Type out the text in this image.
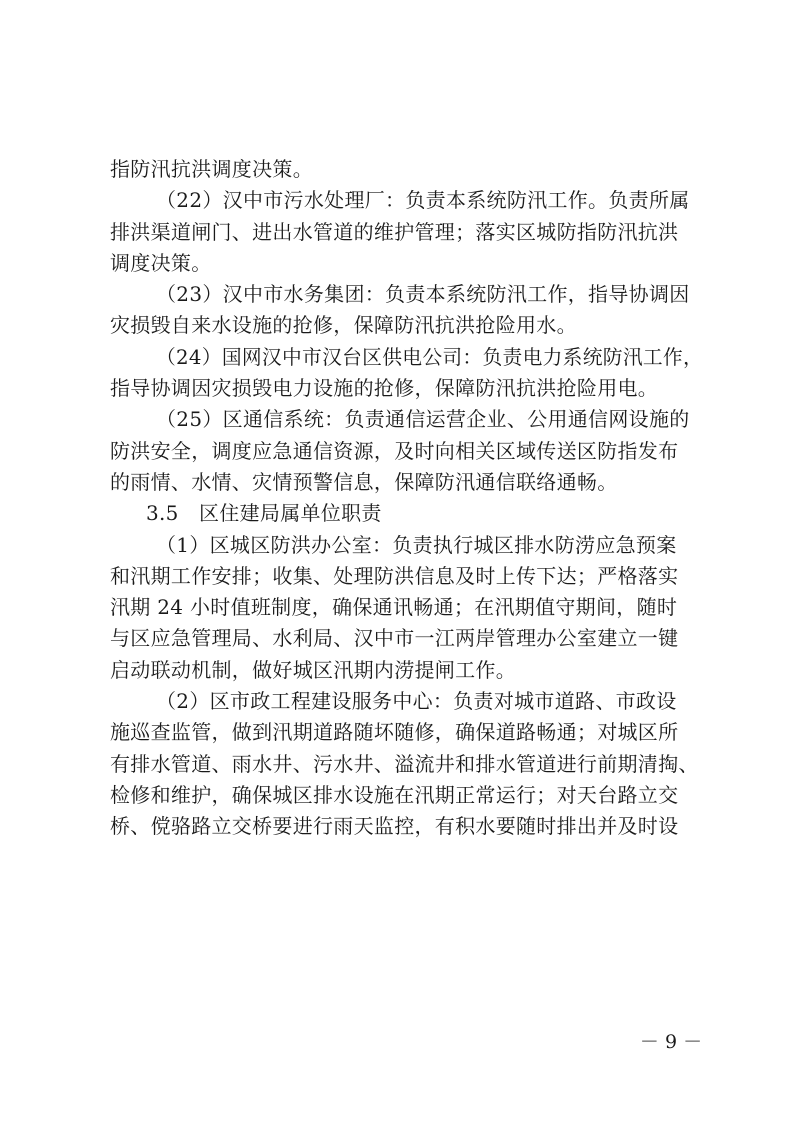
指防汛抗洪调度决策。
（22）汉中市污水处理厂：负责本系统防汛工作。负责所属
排洪渠道闸门、进出水管道的维护管理；落实区城防指防汛抗洪
调度决策。
（23）汉中市水务集团：负责本系统防汛工作，指导协调因
灾损毁自来水设施的抢修，保障防汛抗洪抢险用水。
（24）国网汉中市汉台区供电公司：负责电力系统防汛工作，
指导协调因灾损毁电力设施的抢修，保障防汛抗洪抢险用电。
（25）区通信系统：负责通信运营企业、公用通信网设施的
防洪安全，调度应急通信资源，及时向相关区域传送区防指发布
的雨情、水情、灾情预警信息，保障防汛通信联络通畅。
3.5　区住建局属单位职责
（1）区城区防洪办公室：负责执行城区排水防涝应急预案
和汛期工作安排；收集、处理防洪信息及时上传下达；严格落实
汛期 24 小时值班制度，确保通讯畅通；在汛期值守期间，随时
与区应急管理局、水利局、汉中市一江两岸管理办公室建立一键
启动联动机制，做好城区汛期内涝提闸工作。
（2）区市政工程建设服务中心：负责对城市道路、市政设
施巡查监管，做到汛期道路随坏随修，确保道路畅通；对城区所
有排水管道、雨水井、污水井、溢流井和排水管道进行前期清掏、
检修和维护，确保城区排水设施在汛期正常运行；对天台路立交
桥、傥骆路立交桥要进行雨天监控，有积水要随时排出并及时设
－ 9 －
